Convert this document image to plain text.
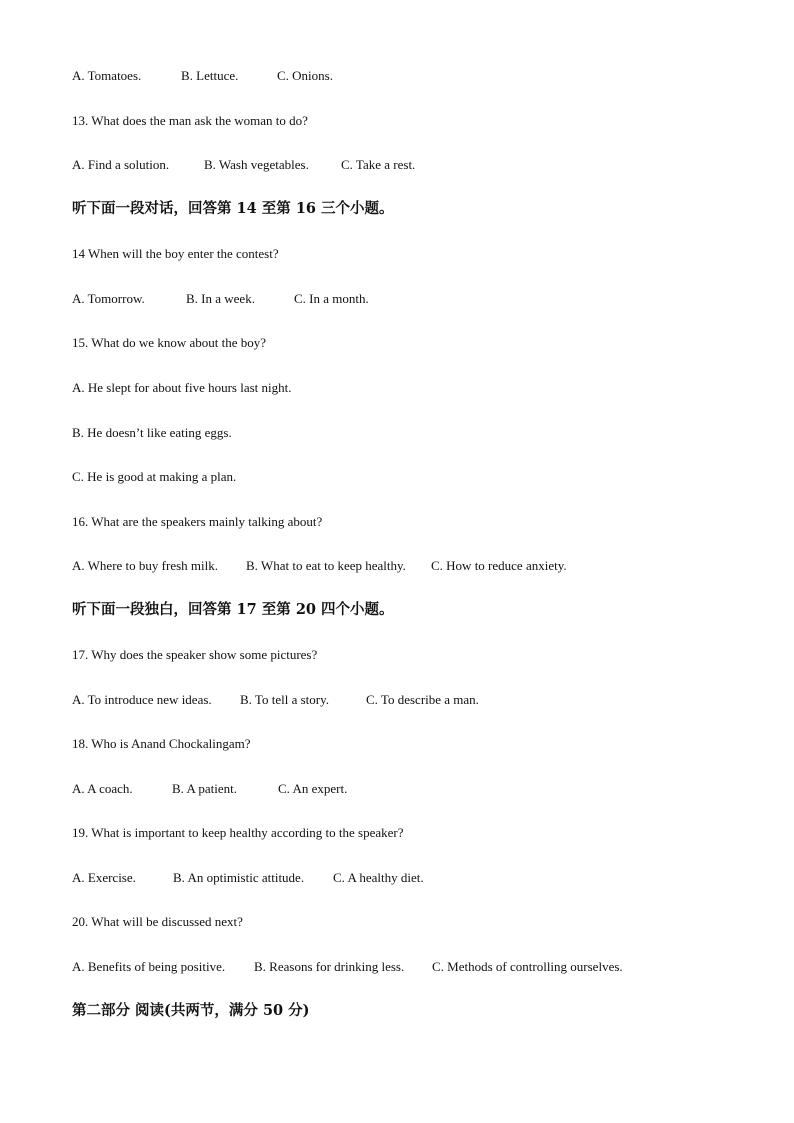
A. Tomatoes.	B. Lettuce.	C. Onions.
13. What does the man ask the woman to do?
A. Find a solution.	B. Wash vegetables. C. Take a rest.
听下面一段对话，回答第 14 至第 16 三个小题。
14 When will the boy enter the contest?
A. Tomorrow.	B. In a week.	C. In a month.
15. What do we know about the boy?
A. He slept for about five hours last night.
B. He doesn’t like eating eggs.
C. He is good at making a plan.
16. What are the speakers mainly talking about?
A. Where to buy fresh milk. B. What to eat to keep healthy. C. How to reduce anxiety.
听下面一段独白，回答第 17 至第 20 四个小题。
17. Why does the speaker show some pictures?
A. To introduce new ideas. B. To tell a story.	C. To describe a man.
18. Who is Anand Chockalingam?
A. A coach.	B. A patient.	C. An expert.
19. What is important to keep healthy according to the speaker?
A. Exercise.	B. An optimistic attitude. C. A healthy diet.
20. What will be discussed next?
A. Benefits of being positive. B. Reasons for drinking less. C. Methods of controlling ourselves.
第二部分 阅读(共两节，满分 50 分)
